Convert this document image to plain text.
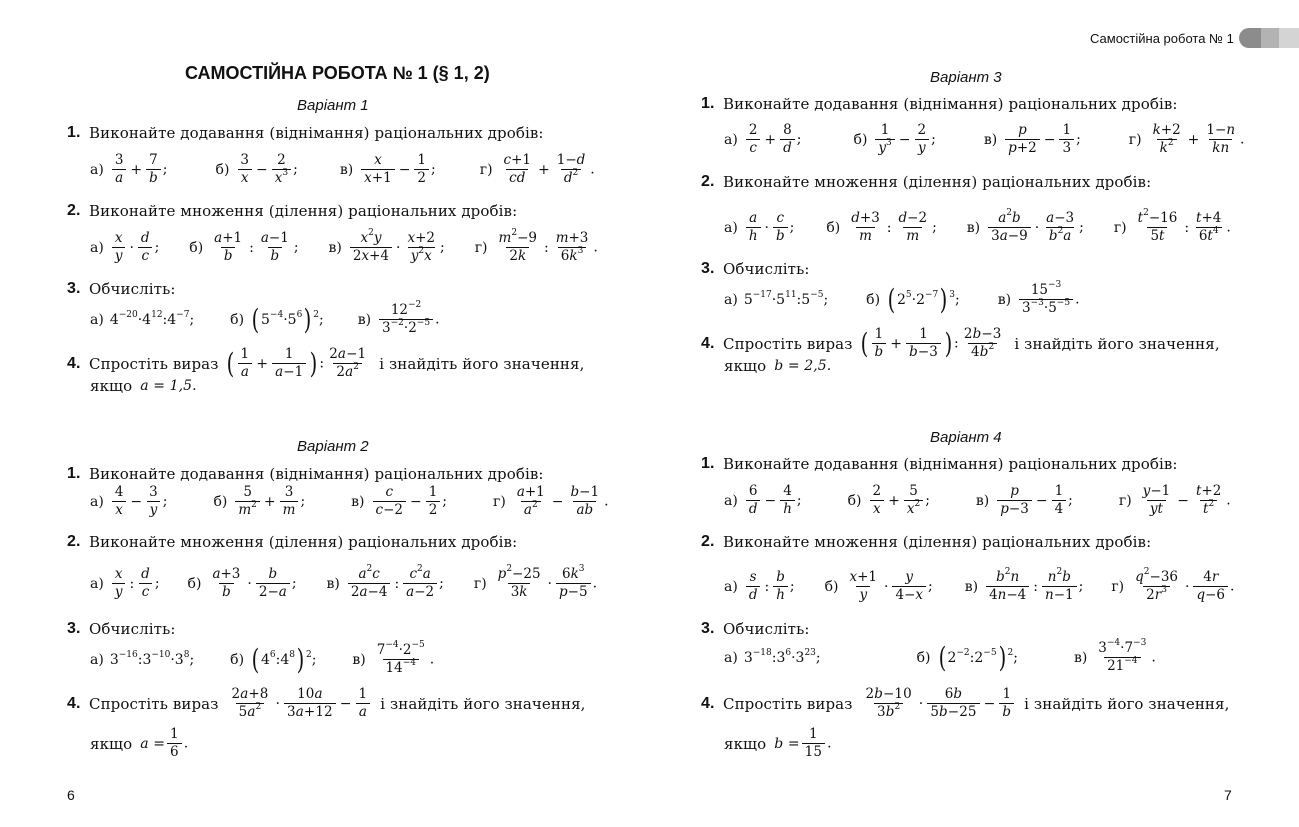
САМОСТІЙНА РОБОТА № 1 (§ 1, 2)
Варіант 1
1. Виконайте додавання (віднімання) раціональних дробів:
$а) \frac{3}{a} + \frac{7}{b}$ ;	$б) \frac{3}{x} - \frac{2}{x^3}$ ;	$в) \frac{x}{x+1} - \frac{1}{2}$ ;	$г) \frac{c+1}{cd} + \frac{1-d}{d^2}$ .
2. Виконайте множення (ділення) раціональних дробів:
$а) \frac{x}{y} \cdot \frac{d}{c}$ ; $б) \frac{a+1}{b}$ : $\frac{a-1}{b}$ ; $в) \frac{x^2y}{2x+4} \cdot \frac{x+2}{y^2x}$ ; $г) \frac{m^2-9}{2k}$ : $\frac{m+3}{6k^3}$ .
3. Обчисліть:
а) $4^{-20}\cdot 4^{12}:4^{-7}$;	б) ( $5^{-4}\cdot 5^6$) $^2$; $в) \frac{12^{-2}}{3^{-2}\cdot 2^{-5}}$ .
4. Спростіть вираз ( $\frac{1}{a} + \frac{1}{a-1}$ ) : $\frac{2a-1}{2a^2}$ і знайдіть його значення,
якщо a = 1,5.
Варіант 2
1. Виконайте додавання (віднімання) раціональних дробів:
$а) \frac{4}{x} - \frac{3}{y}$ ;	$б) \frac{5}{m^2} + \frac{3}{m}$ ;	$в) \frac{c}{c-2} - \frac{1}{2}$ ;	$г) \frac{a+1}{a^2} - \frac{b-1}{ab}$ .
2. Виконайте множення (ділення) раціональних дробів:
$а) \frac{x}{y}$ : $\frac{d}{c}$ ; $б) \frac{a+3}{b} \cdot \frac{b}{2-a}$ ; $в) \frac{a^2c}{2a-4}$ : $\frac{c^2a}{a-2}$ ; $г) \frac{p^2-25}{3k} \cdot \frac{6k^3}{p-5}$ .
3. Обчисліть:
а) $3^{-16}:3^{-10}\cdot 3^8$;	б) ( $4^6:4^8$) $^2$;	$в) \frac{7^{-4}\cdot 2^{-5}}{14^{-4}}$ .
4. Спростіть вираз $\frac{2a+8}{5a^2} \cdot \frac{10a}{3a+12} - \frac{1}{a}$ і знайдіть його значення,
якщо $a = \frac{1}{6}$ .
6
Самостійна робота № 1
Варіант 3
1. Виконайте додавання (віднімання) раціональних дробів:
$а) \frac{2}{c} + \frac{8}{d}$ ;	$б) \frac{1}{y^3} - \frac{2}{y}$ ;	$в) \frac{p}{p+2} - \frac{1}{3}$ ;	$г) \frac{k+2}{k^2} + \frac{1-n}{kn}$ .
2. Виконайте множення (ділення) раціональних дробів:
$а) \frac{a}{h} \cdot \frac{c}{b}$ ; $б) \frac{d+3}{m}$ : $\frac{d-2}{m}$ ; $в) \frac{a^2b}{3a-9} \cdot \frac{a-3}{b^2a}$ ; $г) \frac{t^2-16}{5t}$ : $\frac{t+4}{6t^4}$ .
3. Обчисліть:
а) $5^{-17}\cdot 5^{11}:5^{-5}$;	б) ( $2^5\cdot 2^{-7}$) $^3$;	$в) \frac{15^{-3}}{3^{-3}\cdot 5^{-5}}$ .
4. Спростіть вираз ( $\frac{1}{b} + \frac{1}{b-3}$ ) : $\frac{2b-3}{4b^2}$ і знайдіть його значення,
якщо b = 2,5.
Варіант 4
1. Виконайте додавання (віднімання) раціональних дробів:
$а) \frac{6}{d} - \frac{4}{h}$ ;	$б) \frac{2}{x} + \frac{5}{x^2}$ ;	$в) \frac{p}{p-3} - \frac{1}{4}$ ;	$г) \frac{y-1}{yt} - \frac{t+2}{t^2}$ .
2. Виконайте множення (ділення) раціональних дробів:
$а) \frac{s}{d}$ : $\frac{b}{h}$ ; $б) \frac{x+1}{y} \cdot \frac{y}{4-x}$ ; $в) \frac{b^2n}{4n-4}$ : $\frac{n^2b}{n-1}$ ; $г) \frac{q^2-36}{2r^3} \cdot \frac{4r}{q-6}$ .
3. Обчисліть:
а) $3^{-18}:3^6\cdot 3^{23}$;	б) ( $2^{-2}:2^{-5}$) $^2$;	$в) \frac{3^{-4}\cdot 7^{-3}}{21^{-4}}$ .
4. Спростіть вираз $\frac{2b-10}{3b^2} \cdot \frac{6b}{5b-25} - \frac{1}{b}$ і знайдіть його значення,
якщо $b = \frac{1}{15}$ .
7
